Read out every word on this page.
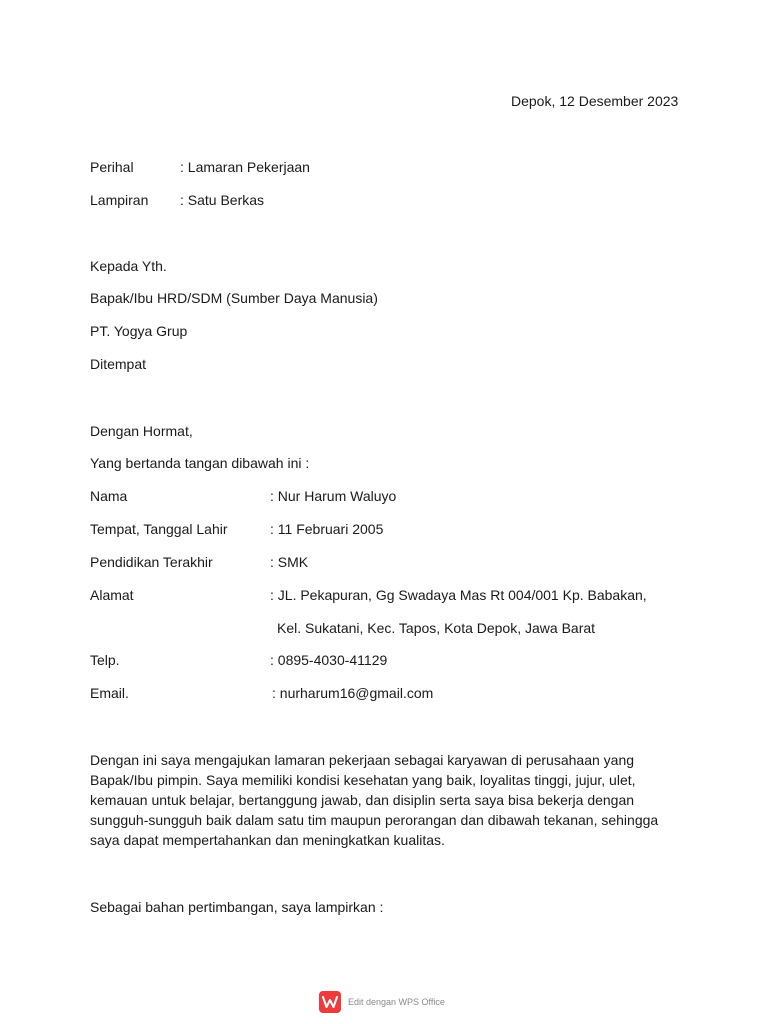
Depok, 12 Desember 2023
Perihal	: Lamaran Pekerjaan
Lampiran : Satu Berkas
Kepada Yth.
Bapak/Ibu HRD/SDM (Sumber Daya Manusia)
PT. Yogya Grup
Ditempat
Dengan Hormat,
Yang bertanda tangan dibawah ini :
Nama	: Nur Harum Waluyo
Tempat, Tanggal Lahir	: 11 Februari 2005
Pendidikan Terakhir	: SMK
Alamat	: JL. Pekapuran, Gg Swadaya Mas Rt 004/001 Kp. Babakan,
Kel. Sukatani, Kec. Tapos, Kota Depok, Jawa Barat
Telp.	: 0895-4030-41129
Email.	: nurharum16@gmail.com
Dengan ini saya mengajukan lamaran pekerjaan sebagai karyawan di perusahaan yang Bapak/Ibu pimpin. Saya memiliki kondisi kesehatan yang baik, loyalitas tinggi, jujur, ulet, kemauan untuk belajar, bertanggung jawab, dan disiplin serta saya bisa bekerja dengan sungguh-sungguh baik dalam satu tim maupun perorangan dan dibawah tekanan, sehingga saya dapat mempertahankan dan meningkatkan kualitas.
Sebagai bahan pertimbangan, saya lampirkan :
Edit dengan WPS Office
